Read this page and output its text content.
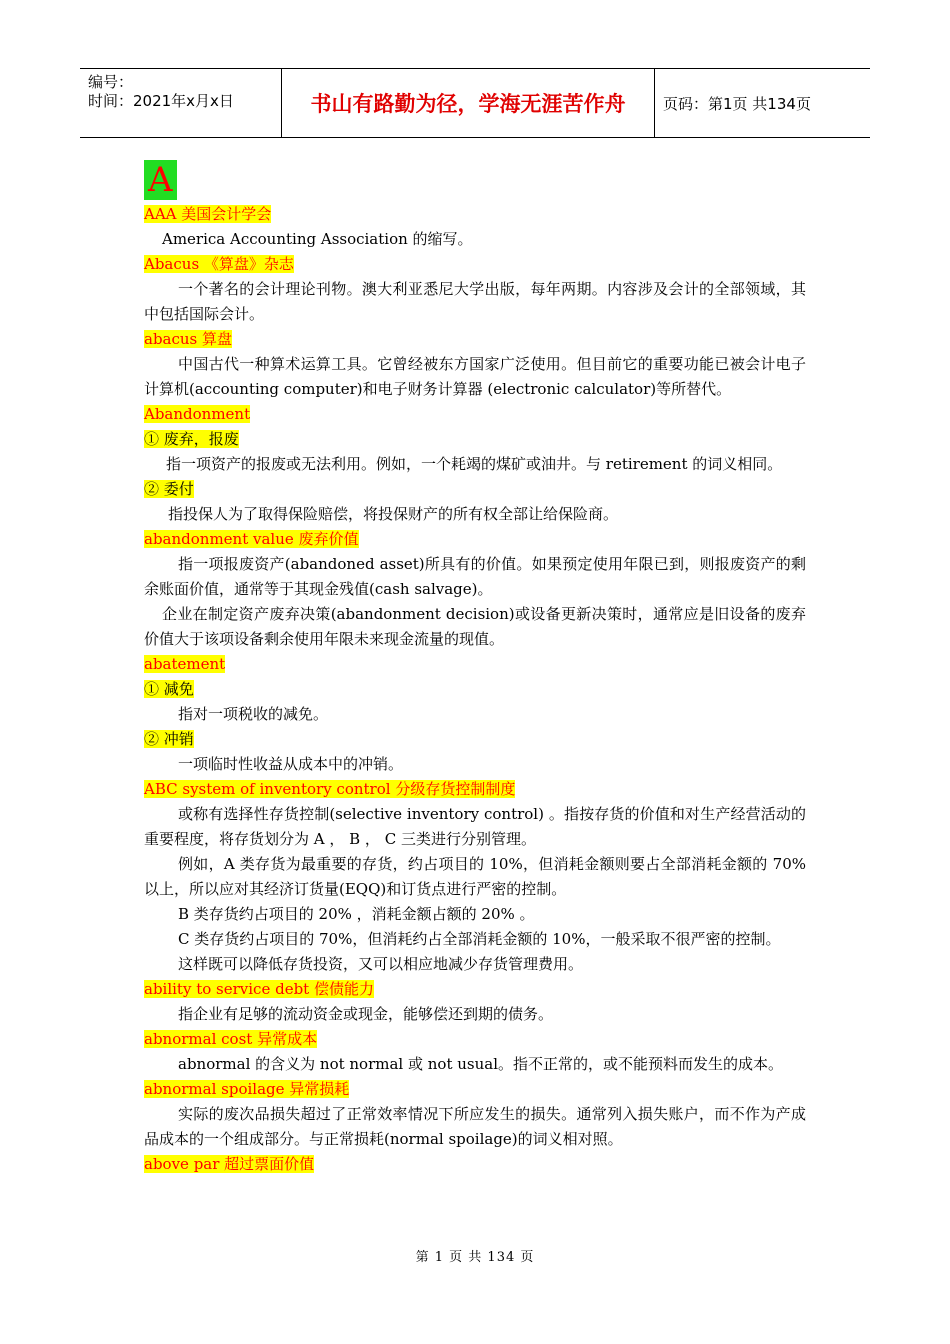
编号：
时间：2021年x月x日	书山有路勤为径，学海无涯苦作舟	页码：第1页 共134页
A
AAA 美国会计学会

America Accounting Association 的缩写。

Abacus 《算盘》杂志

一个著名的会计理论刊物。澳大利亚悉尼大学出版，每年两期。内容涉及会计的全部领域，其中包括国际会计。

abacus 算盘

中国古代一种算术运算工具。它曾经被东方国家广泛使用。但目前它的重要功能已被会计电子计算机(accounting computer)和电子财务计算器 (electronic calculator)等所替代。

Abandonment
① 废弃，报废

指一项资产的报废或无法利用。例如，一个耗竭的煤矿或油井。与 retirement 的词义相同。

② 委付

指投保人为了取得保险赔偿，将投保财产的所有权全部让给保险商。

abandonment value 废弃价值

指一项报废资产(abandoned asset)所具有的价值。如果预定使用年限已到，则报废资产的剩余账面价值，通常等于其现金残值(cash salvage)。

企业在制定资产废弃决策(abandonment decision)或设备更新决策时，通常应是旧设备的废弃价值大于该项设备剩余使用年限未来现金流量的现值。

abatement
① 减免

指对一项税收的减免。

② 冲销

一项临时性收益从成本中的冲销。

ABC system of inventory control 分级存货控制制度

或称有选择性存货控制(selective inventory control) 。指按存货的价值和对生产经营活动的重要程度，将存货划分为 A ， B ， C 三类进行分别管理。

例如，A 类存货为最重要的存货，约占项目的 10%，但消耗金额则要占全部消耗金额的 70% 以上，所以应对其经济订货量(EQQ)和订货点进行严密的控制。

B 类存货约占项目的 20% ，消耗金额占额的 20% 。

C 类存货约占项目的 70%，但消耗约占全部消耗金额的 10%，一般采取不很严密的控制。

这样既可以降低存货投资，又可以相应地减少存货管理费用。

ability to service debt 偿债能力

指企业有足够的流动资金或现金，能够偿还到期的债务。

abnormal cost 异常成本

abnormal 的含义为 not normal 或 not usual。指不正常的，或不能预料而发生的成本。

abnormal spoilage 异常损耗

实际的废次品损失超过了正常效率情况下所应发生的损失。通常列入损失账户，而不作为产成品成本的一个组成部分。与正常损耗(normal spoilage)的词义相对照。

above par 超过票面价值
第 1 页 共 134 页
